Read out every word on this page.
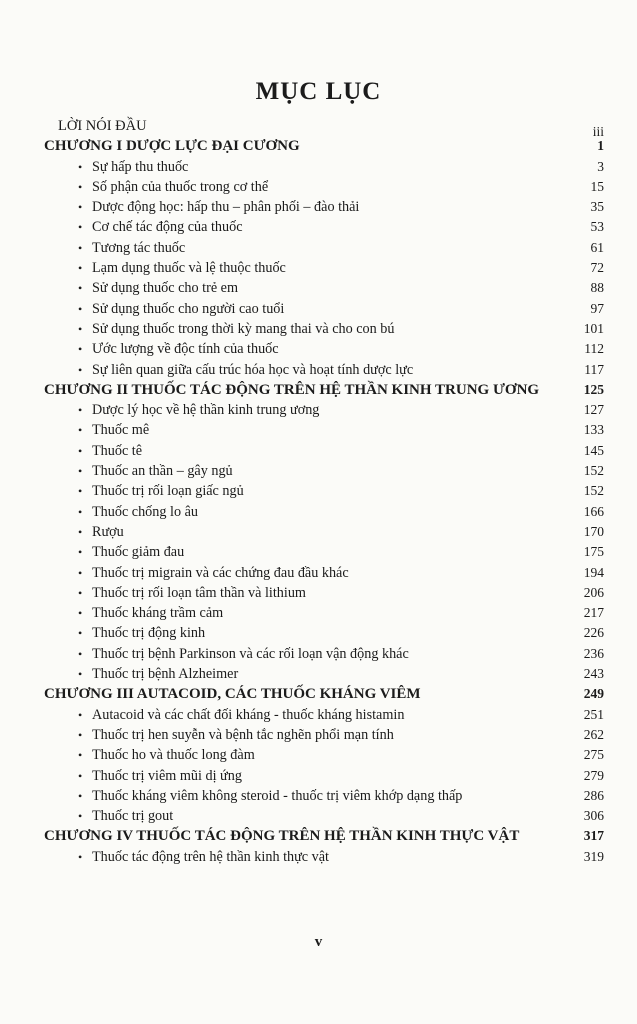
MỤC LỤC
LỜI NÓI ĐẦU	iii
CHƯƠNG I DƯỢC LỰC ĐẠI CƯƠNG	1
• Sự hấp thu thuốc	3
• Số phận của thuốc trong cơ thể	15
• Dược động học: hấp thu – phân phối – đào thải	35
• Cơ chế tác động của thuốc	53
• Tương tác thuốc	61
• Lạm dụng thuốc và lệ thuộc thuốc	72
• Sử dụng thuốc cho trẻ em	88
• Sử dụng thuốc cho người cao tuổi	97
• Sử dụng thuốc trong thời kỳ mang thai và cho con bú	101
• Ước lượng về độc tính của thuốc	112
• Sự liên quan giữa cấu trúc hóa học và hoạt tính dược lực	117
CHƯƠNG II THUỐC TÁC ĐỘNG TRÊN HỆ THẦN KINH TRUNG ƯƠNG	125
• Dược lý học về hệ thần kinh trung ương	127
• Thuốc mê	133
• Thuốc tê	145
• Thuốc an thần – gây ngủ	152
• Thuốc trị rối loạn giấc ngủ	152
• Thuốc chống lo âu	166
• Rượu	170
• Thuốc giảm đau	175
• Thuốc trị migrain và các chứng đau đầu khác	194
• Thuốc trị rối loạn tâm thần và lithium	206
• Thuốc kháng trầm cảm	217
• Thuốc trị động kinh	226
• Thuốc trị bệnh Parkinson và các rối loạn vận động khác	236
• Thuốc trị bệnh Alzheimer	243
CHƯƠNG III AUTACOID, CÁC THUỐC KHÁNG VIÊM	249
• Autacoid và các chất đối kháng - thuốc kháng histamin	251
• Thuốc trị hen suyễn và bệnh tắc nghẽn phổi mạn tính	262
• Thuốc ho và thuốc long đàm	275
• Thuốc trị viêm mũi dị ứng	279
• Thuốc kháng viêm không steroid - thuốc trị viêm khớp dạng thấp	286
• Thuốc trị gout	306
CHƯƠNG IV THUỐC TÁC ĐỘNG TRÊN HỆ THẦN KINH THỰC VẬT	317
• Thuốc tác động trên hệ thần kinh thực vật	319
v
